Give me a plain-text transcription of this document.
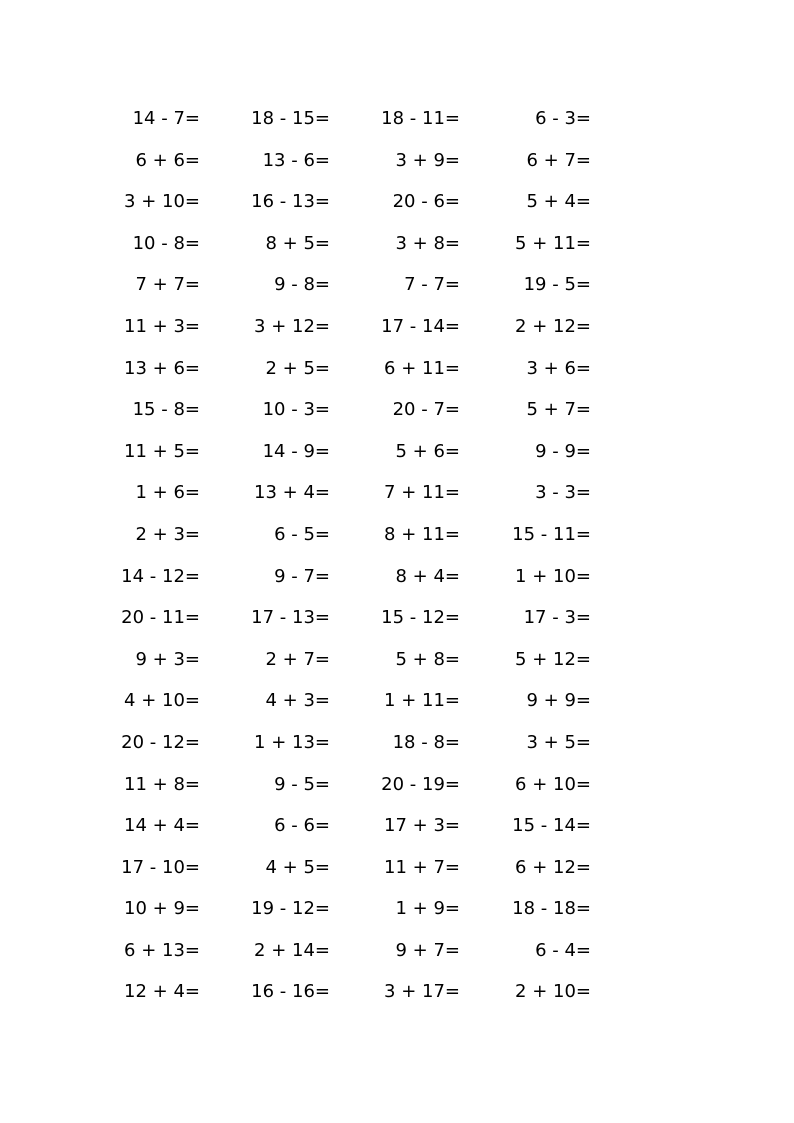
14 - 7=	18 - 15=	18 - 11=	6 - 3=
6 + 6=	13 - 6=	3 + 9=	6 + 7=
3 + 10=	16 - 13=	20 - 6=	5 + 4=
10 - 8=	8 + 5=	3 + 8=	5 + 11=
7 + 7=	9 - 8=	7 - 7=	19 - 5=
11 + 3=	3 + 12=	17 - 14=	2 + 12=
13 + 6=	2 + 5=	6 + 11=	3 + 6=
15 - 8=	10 - 3=	20 - 7=	5 + 7=
11 + 5=	14 - 9=	5 + 6=	9 - 9=
1 + 6=	13 + 4=	7 + 11=	3 - 3=
2 + 3=	6 - 5=	8 + 11=	15 - 11=
14 - 12=	9 - 7=	8 + 4=	1 + 10=
20 - 11=	17 - 13=	15 - 12=	17 - 3=
9 + 3=	2 + 7=	5 + 8=	5 + 12=
4 + 10=	4 + 3=	1 + 11=	9 + 9=
20 - 12=	1 + 13=	18 - 8=	3 + 5=
11 + 8=	9 - 5=	20 - 19=	6 + 10=
14 + 4=	6 - 6=	17 + 3=	15 - 14=
17 - 10=	4 + 5=	11 + 7=	6 + 12=
10 + 9=	19 - 12=	1 + 9=	18 - 18=
6 + 13=	2 + 14=	9 + 7=	6 - 4=
12 + 4=	16 - 16=	3 + 17=	2 + 10=
